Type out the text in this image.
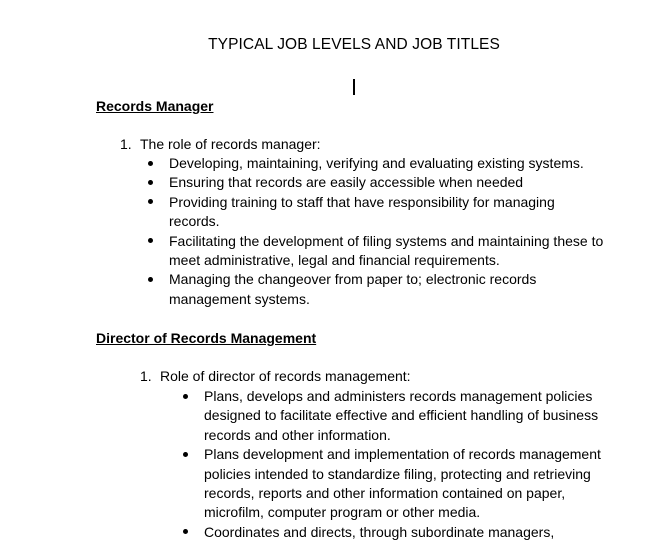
TYPICAL JOB LEVELS AND JOB TITLES
Records Manager
1. The role of records manager:
Developing, maintaining, verifying and evaluating existing systems.
Ensuring that records are easily accessible when needed
Providing training to staff that have responsibility for managing records.
Facilitating the development of filing systems and maintaining these to meet administrative, legal and financial requirements.
Managing the changeover from paper to; electronic records management systems.
Director of Records Management
1. Role of director of records management:
Plans, develops and administers records management policies designed to facilitate effective and efficient handling of business records and other information.
Plans development and implementation of records management policies intended to standardize filing, protecting and retrieving records, reports and other information contained on paper, microfilm, computer program or other media.
Coordinates and directs, through subordinate managers,
